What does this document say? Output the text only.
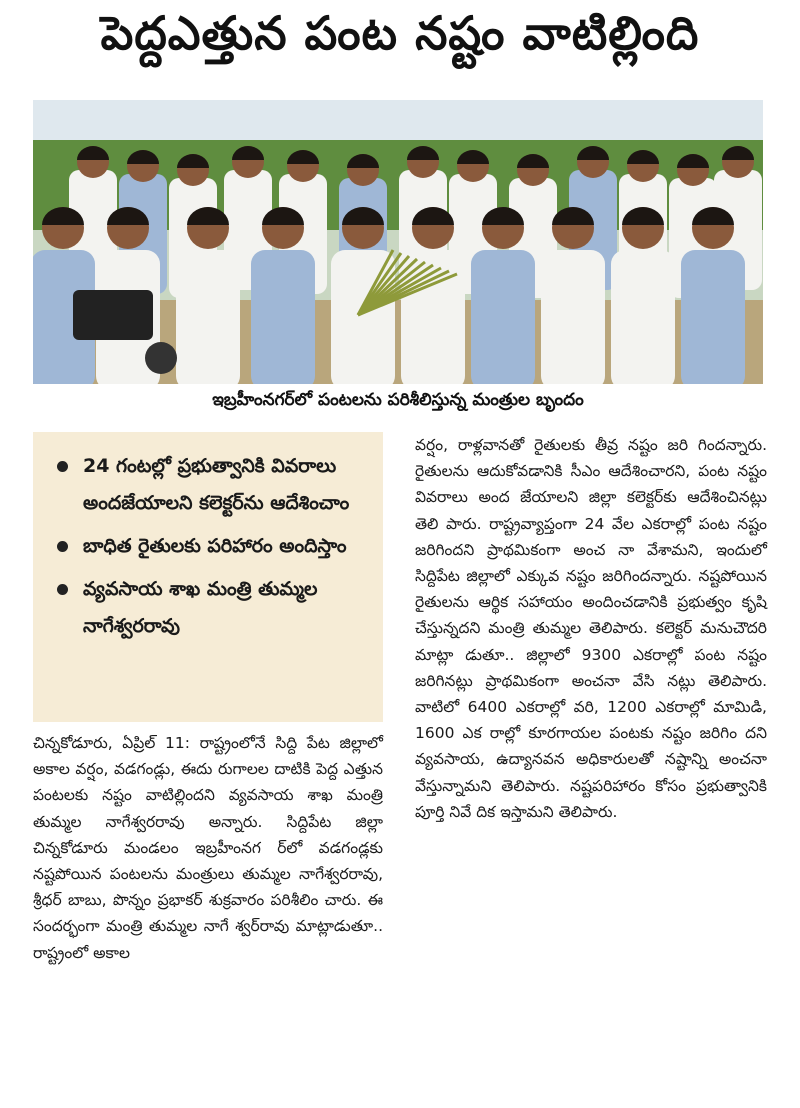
పెద్దఎత్తున పంట నష్టం వాటిల్లింది
ఇబ్రహీంనగర్‌లో పంటలను పరిశీలిస్తున్న మంత్రుల బృందం
24 గంటల్లో ప్రభుత్వానికి వివరాలు అందజేయాలని కలెక్టర్‌ను ఆదేశించాం
బాధిత రైతులకు పరిహారం అందిస్తాం
వ్యవసాయ శాఖ మంత్రి తుమ్మల నాగేశ్వరరావు

చిన్నకోడూరు, ఏప్రిల్ 11: రాష్ట్రంలోనే సిద్ది పేట జిల్లాలో అకాల వర్షం, వడగండ్లు, ఈదు రుగాలల దాటికి పెద్ద ఎత్తున పంటలకు నష్టం వాటిల్లిందని వ్యవసాయ శాఖ మంత్రి తుమ్మల నాగేశ్వరరావు అన్నారు. సిద్దిపేట జిల్లా చిన్నకోడూరు మండలం ఇబ్రహీంనగ ర్‌లో వడగండ్లకు నష్టపోయిన పంటలను మంత్రులు తుమ్మల నాగేశ్వరరావు, శ్రీధర్ బాబు, పొన్నం ప్రభాకర్ శుక్రవారం పరిశీలిం చారు. ఈ సందర్భంగా మంత్రి తుమ్మల నాగే శ్వర్‌రావు మాట్లాడుతూ.. రాష్ట్రంలో అకాల

వర్షం, రాళ్లవానతో రైతులకు తీవ్ర నష్టం జరి గిందన్నారు. రైతులను ఆదుకోవడానికి సీఎం ఆదేశించారని, పంట నష్టం వివరాలు అంద జేయాలని జిల్లా కలెక్టర్‌కు ఆదేశించినట్లు తెలి పారు. రాష్ట్రవ్యాప్తంగా 24 వేల ఎకరాల్లో పంట నష్టం జరిగిందని ప్రాథమికంగా అంచ నా వేశామని, ఇందులో సిద్దిపేట జిల్లాలో ఎక్కువ నష్టం జరిగిందన్నారు. నష్టపోయిన రైతులను ఆర్థిక సహాయం అందించడానికి ప్రభుత్వం కృషి చేస్తున్నదని మంత్రి తుమ్మల తెలిపారు. కలెక్టర్ మనుచౌదరి మాట్లా డుతూ.. జిల్లాలో 9300 ఎకరాల్లో పంట నష్టం జరిగినట్లు ప్రాథమికంగా అంచనా వేసి నట్లు తెలిపారు. వాటిలో 6400 ఎకరాల్లో వరి, 1200 ఎకరాల్లో మామిడి, 1600 ఎక రాల్లో కూరగాయల పంటకు నష్టం జరిగిం దని వ్యవసాయ, ఉద్యానవన అధికారులతో నష్టాన్ని అంచనా వేస్తున్నామని తెలిపారు. నష్టపరిహారం కోసం ప్రభుత్వానికి పూర్తి నివే దిక ఇస్తామని తెలిపారు.
